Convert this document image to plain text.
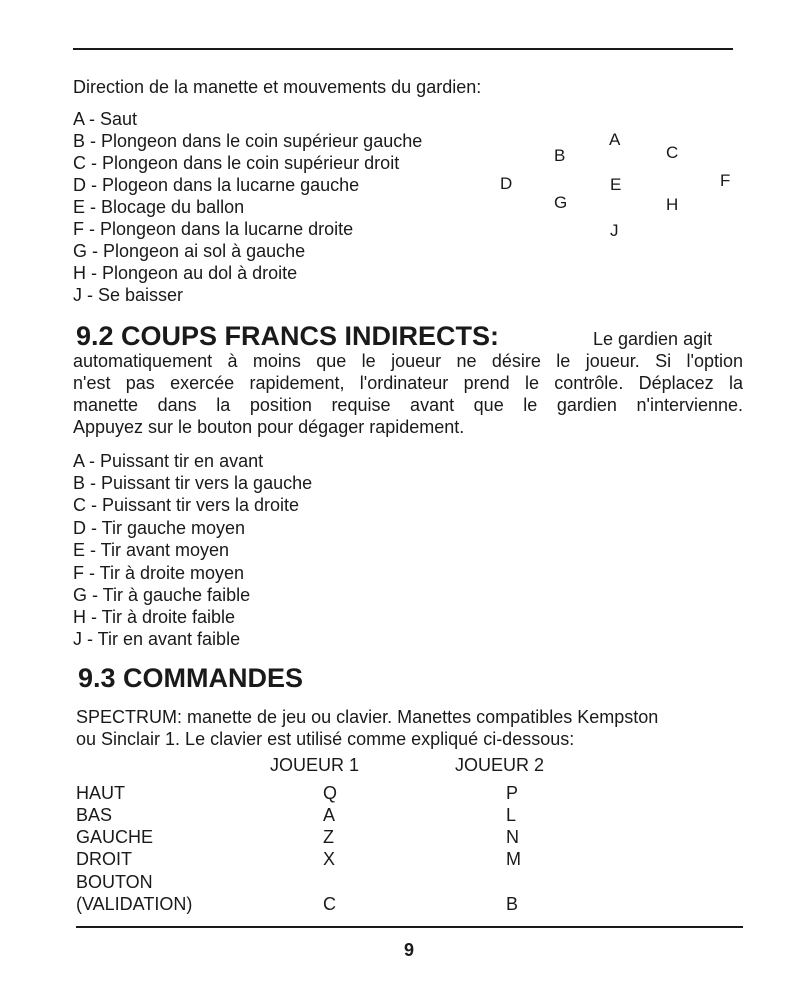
Direction de la manette et mouvements du gardien:
A - Saut
B - Plongeon dans le coin supérieur gauche
C - Plongeon dans le coin supérieur droit
D - Plogeon dans la lucarne gauche
E - Blocage du ballon
F - Plongeon dans la lucarne droite
G - Plongeon ai sol à gauche
H - Plongeon au dol à droite
J - Se baisser
A
B	C
D	E	F
G	H
J
9.2 COUPS FRANCS INDIRECTS:	Le gardien agit
automatiquement à moins que le joueur ne désire le joueur. Si l'option
n'est pas exercée rapidement, l'ordinateur prend le contrôle. Déplacez la
manette dans la position requise avant que le gardien n'intervienne.
Appuyez sur le bouton pour dégager rapidement.
A - Puissant tir en avant
B - Puissant tir vers la gauche
C - Puissant tir vers la droite
D - Tir gauche moyen
E - Tir avant moyen
F - Tir à droite moyen
G - Tir à gauche faible
H - Tir à droite faible
J - Tir en avant faible
9.3 COMMANDES
SPECTRUM: manette de jeu ou clavier. Manettes compatibles Kempston
ou Sinclair 1. Le clavier est utilisé comme expliqué ci-dessous:
JOUEUR 1	JOUEUR 2
HAUT	Q	P
BAS	A	L
GAUCHE	Z	N
DROIT	X	M
BOUTON
(VALIDATION)	C	B
9
